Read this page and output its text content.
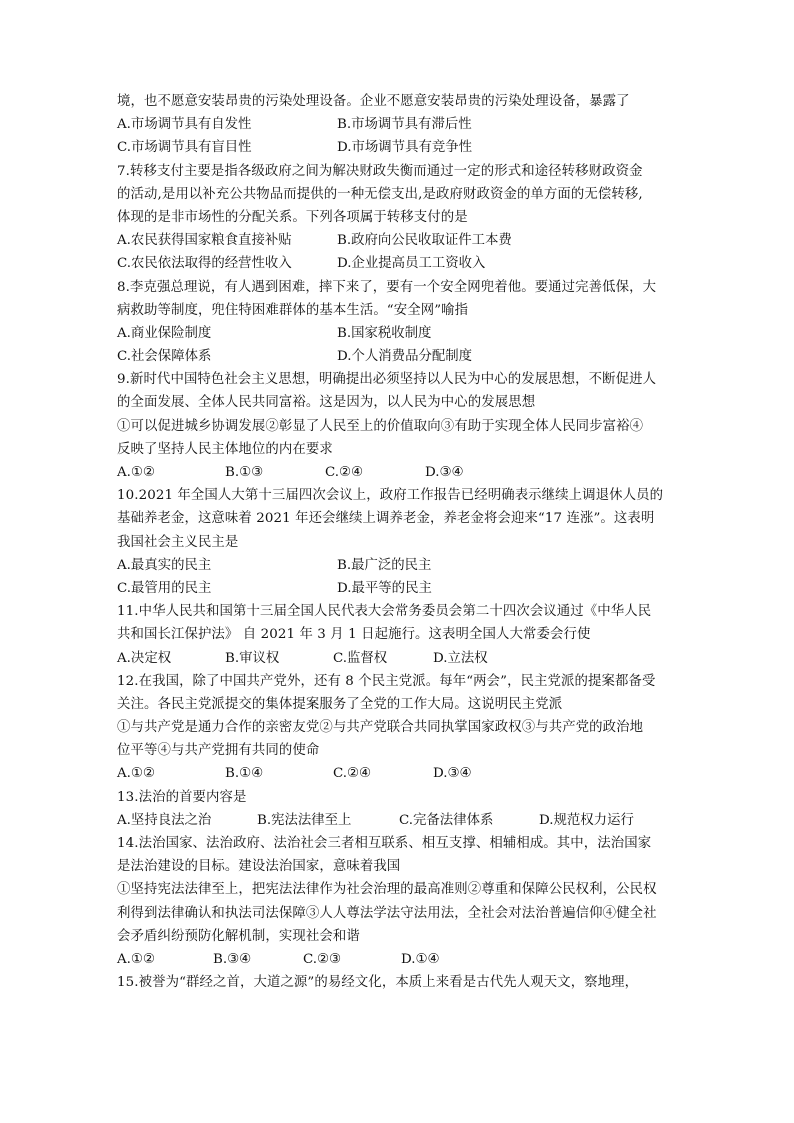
境，也不愿意安装昂贵的污染处理设备。企业不愿意安装昂贵的污染处理设备，暴露了
A.市场调节具有自发性	B.市场调节具有滞后性
C.市场调节具有盲目性	D.市场调节具有竞争性
7.转移支付主要是指各级政府之间为解决财政失衡而通过一定的形式和途径转移财政资金
的活动,是用以补充公共物品而提供的一种无偿支出,是政府财政资金的单方面的无偿转移,
体现的是非市场性的分配关系。下列各项属于转移支付的是
A.农民获得国家粮食直接补贴	B.政府向公民收取证件工本费
C.农民依法取得的经营性收入	D.企业提高员工工资收入
8.李克强总理说，有人遇到困难，摔下来了，要有一个安全网兜着他。要通过完善低保，大
病救助等制度，兜住特困难群体的基本生活。“安全网”喻指
A.商业保险制度	B.国家税收制度
C.社会保障体系	D.个人消费品分配制度
9.新时代中国特色社会主义思想，明确提出必须坚持以人民为中心的发展思想，不断促进人
的全面发展、全体人民共同富裕。这是因为，以人民为中心的发展思想
①可以促进城乡协调发展②彰显了人民至上的价值取向③有助于实现全体人民同步富裕④
反映了坚持人民主体地位的内在要求
A.①②	B.①③	C.②④	D.③④
10.2021 年全国人大第十三届四次会议上，政府工作报告已经明确表示继续上调退休人员的
基础养老金，这意味着 2021 年还会继续上调养老金，养老金将会迎来“17 连涨”。这表明
我国社会主义民主是
A.最真实的民主	B.最广泛的民主
C.最管用的民主	D.最平等的民主
11.中华人民共和国第十三届全国人民代表大会常务委员会第二十四次会议通过《中华人民
共和国长江保护法》 自 2021 年 3 月 1 日起施行。这表明全国人大常委会行使
A.决定权	B.审议权	C.监督权	D.立法权
12.在我国，除了中国共产党外，还有 8 个民主党派。每年“两会”，民主党派的提案都备受
关注。各民主党派提交的集体提案服务了全党的工作大局。这说明民主党派
①与共产党是通力合作的亲密友党②与共产党联合共同执掌国家政权③与共产党的政治地
位平等④与共产党拥有共同的使命
A.①②	B.①④	C.②④	D.③④
13.法治的首要内容是
A.坚持良法之治	B.宪法法律至上	C.完备法律体系	D.规范权力运行
14.法治国家、法治政府、法治社会三者相互联系、相互支撑、相辅相成。其中，法治国家
是法治建设的目标。建设法治国家，意味着我国
①坚持宪法法律至上，把宪法法律作为社会治理的最高准则②尊重和保障公民权利，公民权
利得到法律确认和执法司法保障③人人尊法学法守法用法，全社会对法治普遍信仰④健全社
会矛盾纠纷预防化解机制，实现社会和谐
A.①②	B.③④	C.②③	D.①④
15.被誉为“群经之首，大道之源”的易经文化，本质上来看是古代先人观天文，察地理，
